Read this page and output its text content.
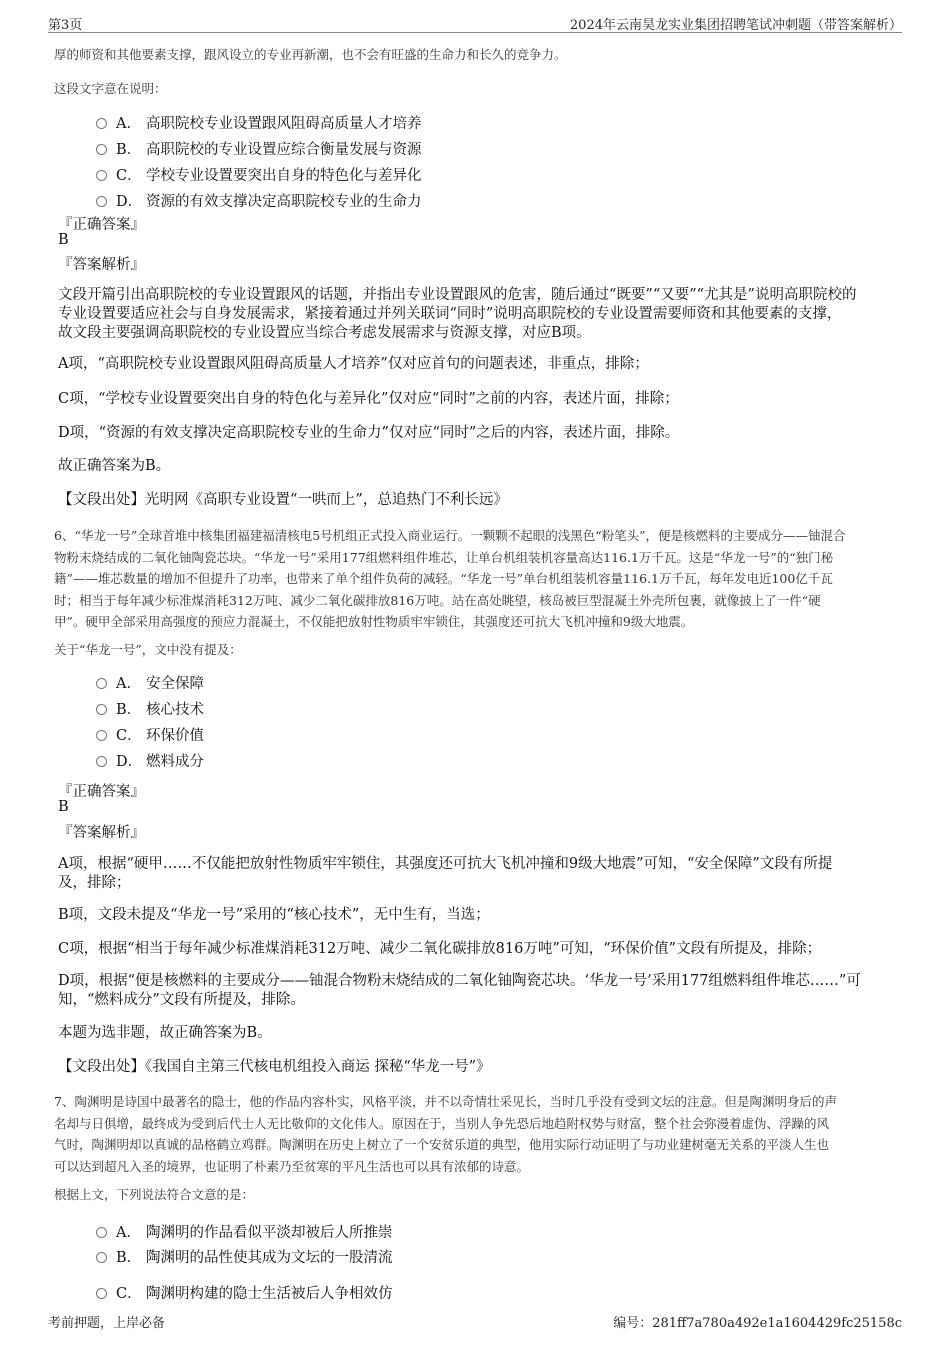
第3页	2024年云南昊龙实业集团招聘笔试冲刺题（带答案解析）
厚的师资和其他要素支撑，跟风设立的专业再新潮，也不会有旺盛的生命力和长久的竞争力。
这段文字意在说明：
A． 高职院校专业设置跟风阻碍高质量人才培养
B． 高职院校的专业设置应综合衡量发展与资源
C． 学校专业设置要突出自身的特色化与差异化
D． 资源的有效支撑决定高职院校专业的生命力
『正确答案』
B
『答案解析』
文段开篇引出高职院校的专业设置跟风的话题，并指出专业设置跟风的危害，随后通过“既要”“又要”“尤其是”说明高职院校的
专业设置要适应社会与自身发展需求，紧接着通过并列关联词“同时”说明高职院校的专业设置需要师资和其他要素的支撑，
故文段主要强调高职院校的专业设置应当综合考虑发展需求与资源支撑，对应B项。
A项，“高职院校专业设置跟风阻碍高质量人才培养”仅对应首句的问题表述，非重点，排除；
C项，“学校专业设置要突出自身的特色化与差异化”仅对应“同时”之前的内容，表述片面，排除；
D项，“资源的有效支撑决定高职院校专业的生命力”仅对应“同时”之后的内容，表述片面，排除。
故正确答案为B。
【文段出处】光明网《高职专业设置“一哄而上”，总追热门不利长远》
6、“华龙一号”全球首堆中核集团福建福清核电5号机组正式投入商业运行。一颗颗不起眼的浅黑色“粉笔头”，便是核燃料的主要成分——铀混合
物粉末烧结成的二氧化铀陶瓷芯块。“华龙一号”采用177组燃料组件堆芯，让单台机组装机容量高达116.1万千瓦。这是“华龙一号”的“独门秘
籍”——堆芯数量的增加不但提升了功率，也带来了单个组件负荷的减轻。“华龙一号”单台机组装机容量116.1万千瓦，每年发电近100亿千瓦
时；相当于每年减少标准煤消耗312万吨、减少二氧化碳排放816万吨。站在高处眺望，核岛被巨型混凝土外壳所包裹，就像披上了一件“硬
甲”。硬甲全部采用高强度的预应力混凝土，不仅能把放射性物质牢牢锁住，其强度还可抗大飞机冲撞和9级大地震。
关于“华龙一号”，文中没有提及：
A． 安全保障
B． 核心技术
C． 环保价值
D． 燃料成分
『正确答案』
B
『答案解析』
A项，根据“硬甲……不仅能把放射性物质牢牢锁住，其强度还可抗大飞机冲撞和9级大地震”可知，“安全保障”文段有所提
及，排除；
B项，文段未提及“华龙一号”采用的“核心技术”，无中生有，当选；
C项，根据“相当于每年减少标准煤消耗312万吨、减少二氧化碳排放816万吨”可知，“环保价值”文段有所提及，排除；
D项，根据“便是核燃料的主要成分——铀混合物粉末烧结成的二氧化铀陶瓷芯块。‘华龙一号’采用177组燃料组件堆芯……”可
知，“燃料成分”文段有所提及，排除。
本题为选非题，故正确答案为B。
【文段出处】《我国自主第三代核电机组投入商运 探秘“华龙一号”》
7、陶渊明是诗国中最著名的隐士，他的作品内容朴实，风格平淡，并不以奇情壮采见长，当时几乎没有受到文坛的注意。但是陶渊明身后的声
名却与日俱增，最终成为受到后代士人无比敬仰的文化伟人。原因在于，当别人争先恐后地趋附权势与财富，整个社会弥漫着虚伪、浮躁的风
气时，陶渊明却以真诚的品格鹤立鸡群。陶渊明在历史上树立了一个安贫乐道的典型，他用实际行动证明了与功业建树毫无关系的平淡人生也
可以达到超凡入圣的境界，也证明了朴素乃至贫寒的平凡生活也可以具有浓郁的诗意。
根据上文，下列说法符合文意的是：
A． 陶渊明的作品看似平淡却被后人所推崇
B． 陶渊明的品性使其成为文坛的一股清流
C． 陶渊明构建的隐士生活被后人争相效仿
考前押题，上岸必备	编号：281ff7a780a492e1a1604429fc25158c
